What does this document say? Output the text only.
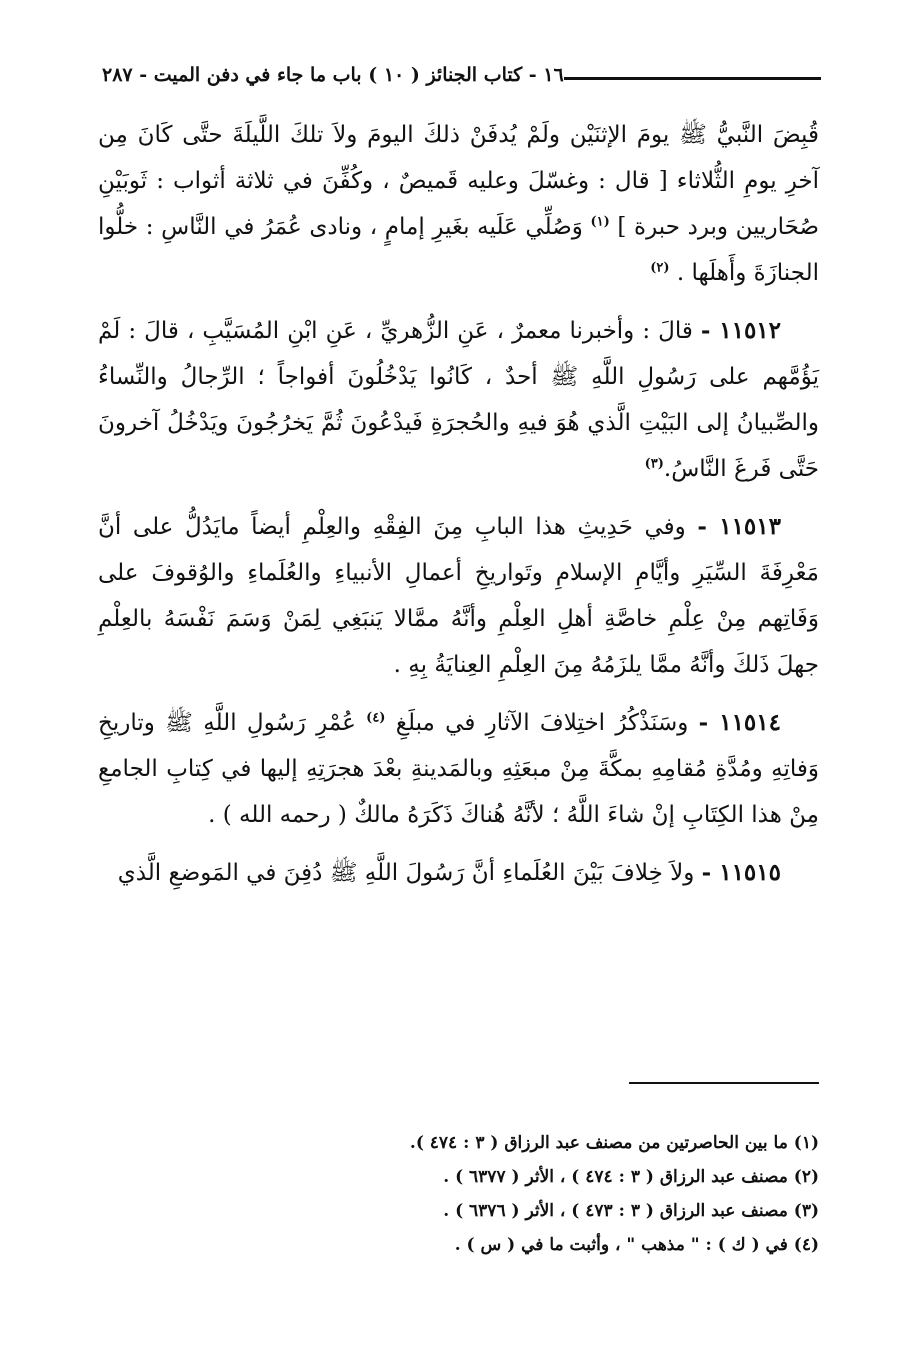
١٦ - كتاب الجنائز ( ١٠ ) باب ما جاء في دفن الميت - ٢٨٧

قُبِضَ النَّبيُّ ﷺ يومَ الإثنَيْن ولَمْ يُدفَنْ ذلكَ اليومَ ولاَ تلكَ اللَّيلَةَ حتَّى كَانَ مِن آخرِ يومِ الثُّلاثاء [ قال : وغسّلَ وعليه قَميصٌ ، وكُفِّنَ في ثلاثة أثواب : ثَوبَيْنِ صُحَاريين وبرد حبرة ] $^{(١)}$ وَصُلِّي عَلَيه بغَيرِ إمامٍ ، ونادى عُمَرُ في النَّاسِ : خلُّوا الجنازَةَ وأَهلَها . $^{(٢)}$

١١٥١٢ - قالَ : وأخبرنا معمرٌ ، عَنِ الزُّهريِّ ، عَنِ ابْنِ المُسَيَّبِ ، قالَ : لَمْ يَؤُمَّهم على رَسُولِ اللَّهِ ﷺ أحدٌ ، كَانُوا يَدْخُلُونَ أفواجاً ؛ الرِّجالُ والنِّساءُ والصِّبيانُ إلى البَيْتِ الَّذي هُوَ فيهِ والحُجرَةِ فَيدْعُونَ ثُمَّ يَخرُجُونَ ويَدْخُلُ آخرونَ حَتَّى فَرغَ النَّاسُ.$^{(٣)}$

١١٥١٣ - وفي حَدِيثِ هذا البابِ مِنَ الفِقْهِ والعِلْمِ أيضاً مايَدُلُّ على أنَّ مَعْرِفَةَ السِّيَرِ وأيَّامِ الإسلامِ وتَواريخِ أعمالِ الأنبياءِ والعُلَماءِ والوُقوفَ على وَفَاتِهم مِنْ عِلْمِ خاصَّةِ أهلِ العِلْمِ وأنَّهُ ممَّالا يَنبَغِي لِمَنْ وَسَمَ نَفْسَهُ بالعِلْمِ جهلَ ذَلكَ وأنَّهُ ممَّا يلزَمُهُ مِنَ العِلْمِ العِنايَةُ بِهِ .

١١٥١٤ - وسَنَذْكُرُ اختِلافَ الآثارِ في مبلَغِ $^{(٤)}$ عُمْرِ رَسُولِ اللَّهِ ﷺ وتاريخِ وَفاتِهِ ومُدَّةِ مُقامِهِ بمكَّةَ مِنْ مبعَثِهِ وبالمَدينةِ بعْدَ هجرَتِهِ إليها في كِتابِ الجامعِ مِنْ هذا الكِتَابِ إنْ شاءَ اللَّهُ ؛ لأنَّهُ هُناكَ ذَكَرَهُ مالكٌ ( رحمه الله ) .

١١٥١٥ - ولاَ خِلافَ بَيْنَ العُلَماءِ أنَّ رَسُولَ اللَّهِ ﷺ دُفِنَ في المَوضعِ الَّذي

(١) ما بين الحاصرتين من مصنف عبد الرزاق ( ٣ : ٤٧٤ ).

(٢) مصنف عبد الرزاق ( ٣ : ٤٧٤ ) ، الأثر ( ٦٣٧٧ ) .

(٣) مصنف عبد الرزاق ( ٣ : ٤٧٣ ) ، الأثر ( ٦٣٧٦ ) .

(٤) في ( ك ) : " مذهب " ، وأثبت ما في ( س ) .
